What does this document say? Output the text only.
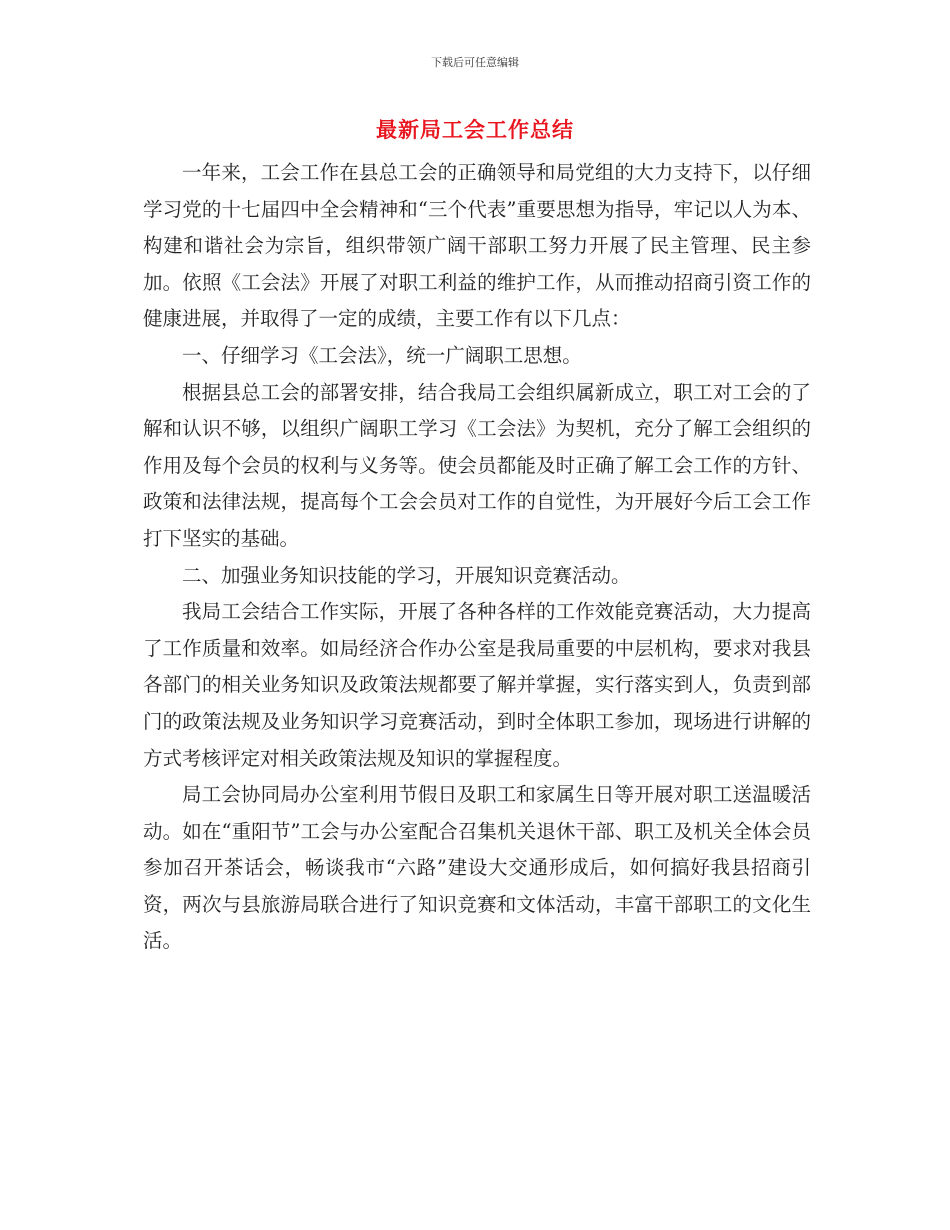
下载后可任意编辑
最新局工会工作总结

一年来，工会工作在县总工会的正确领导和局党组的大力支持下，以仔细学习党的十七届四中全会精神和“三个代表”重要思想为指导，牢记以人为本、构建和谐社会为宗旨，组织带领广阔干部职工努力开展了民主管理、民主参加。依照《工会法》开展了对职工利益的维护工作，从而推动招商引资工作的健康进展，并取得了一定的成绩，主要工作有以下几点：

一、仔细学习《工会法》，统一广阔职工思想。

根据县总工会的部署安排，结合我局工会组织属新成立，职工对工会的了解和认识不够，以组织广阔职工学习《工会法》为契机，充分了解工会组织的作用及每个会员的权利与义务等。使会员都能及时正确了解工会工作的方针、政策和法律法规，提高每个工会会员对工作的自觉性，为开展好今后工会工作打下坚实的基础。

二、加强业务知识技能的学习，开展知识竞赛活动。

我局工会结合工作实际，开展了各种各样的工作效能竞赛活动，大力提高了工作质量和效率。如局经济合作办公室是我局重要的中层机构，要求对我县各部门的相关业务知识及政策法规都要了解并掌握，实行落实到人，负责到部门的政策法规及业务知识学习竞赛活动，到时全体职工参加，现场进行讲解的方式考核评定对相关政策法规及知识的掌握程度。

局工会协同局办公室利用节假日及职工和家属生日等开展对职工送温暖活动。如在“重阳节”工会与办公室配合召集机关退休干部、职工及机关全体会员参加召开茶话会，畅谈我市“六路”建设大交通形成后，如何搞好我县招商引资，两次与县旅游局联合进行了知识竞赛和文体活动，丰富干部职工的文化生活。
